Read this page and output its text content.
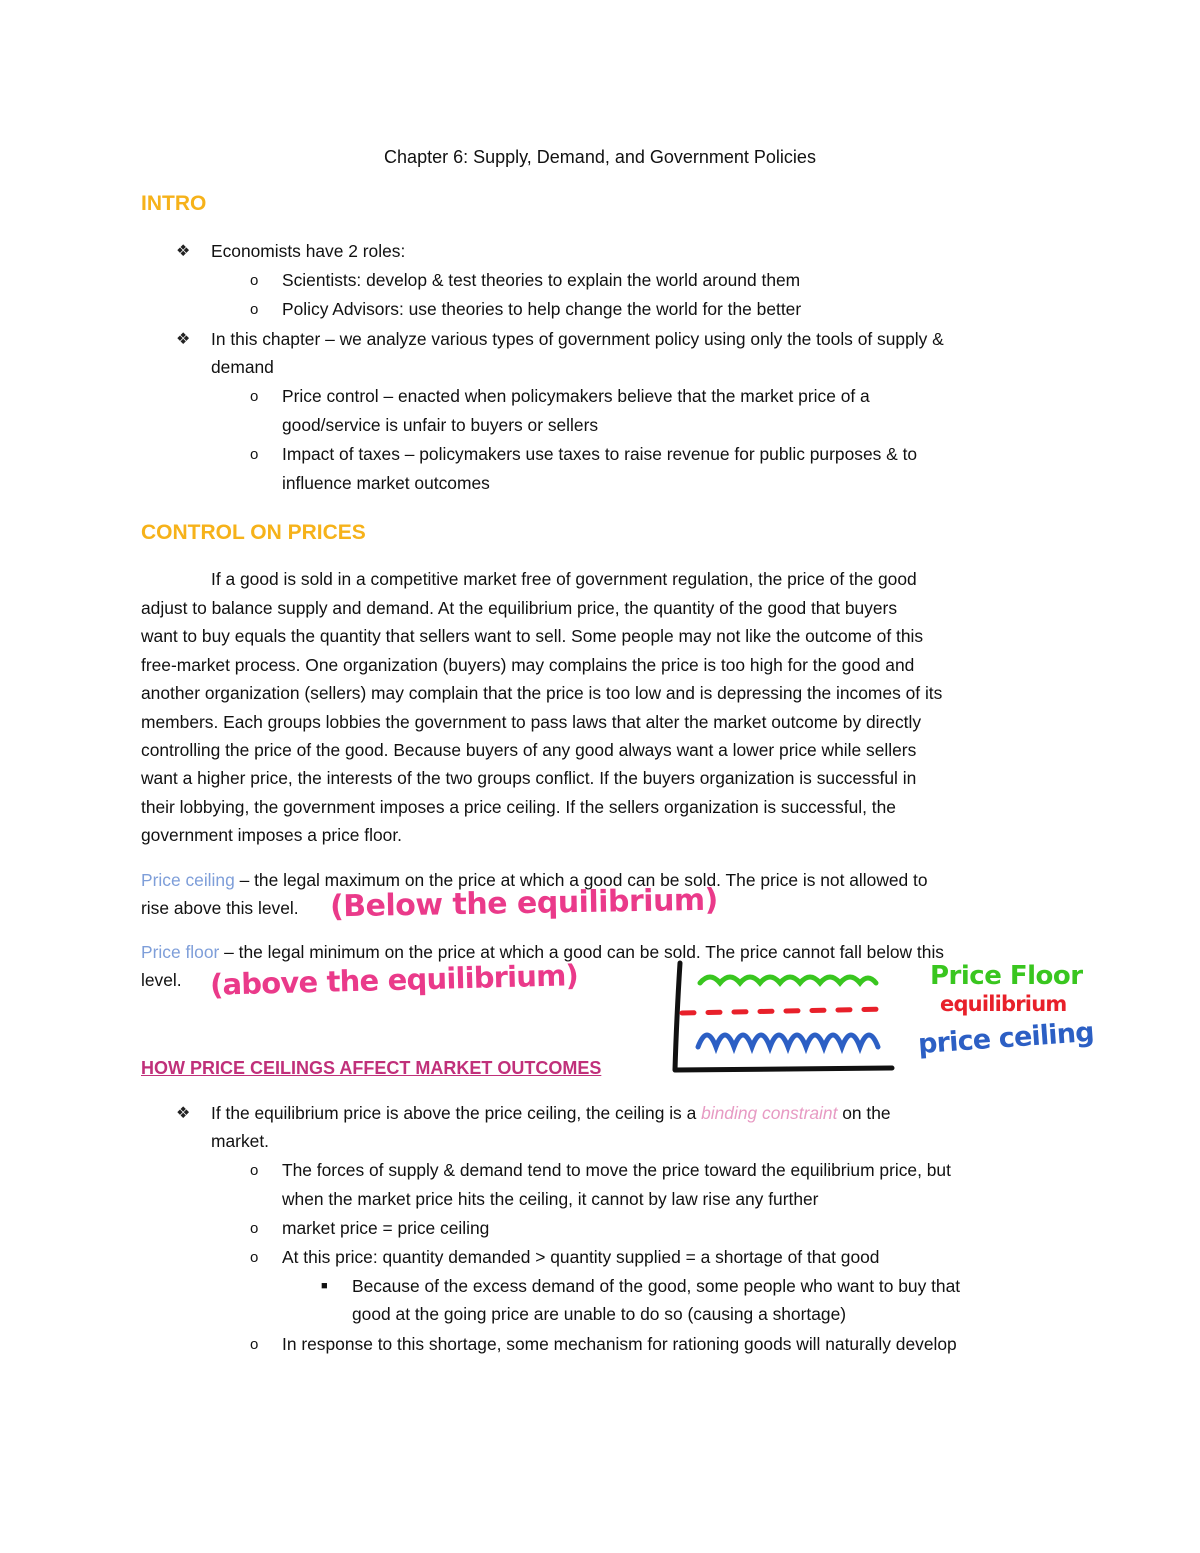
Chapter 6: Supply, Demand, and Government Policies
INTRO
❖ Economists have 2 roles:
o Scientists: develop & test theories to explain the world around them
o Policy Advisors: use theories to help change the world for the better
❖ In this chapter – we analyze various types of government policy using only the tools of supply &
demand
o Price control – enacted when policymakers believe that the market price of a
good/service is unfair to buyers or sellers
o Impact of taxes – policymakers use taxes to raise revenue for public purposes & to
influence market outcomes
CONTROL ON PRICES
If a good is sold in a competitive market free of government regulation, the price of the good
adjust to balance supply and demand. At the equilibrium price, the quantity of the good that buyers
want to buy equals the quantity that sellers want to sell. Some people may not like the outcome of this
free-market process. One organization (buyers) may complains the price is too high for the good and
another organization (sellers) may complain that the price is too low and is depressing the incomes of its
members. Each groups lobbies the government to pass laws that alter the market outcome by directly
controlling the price of the good. Because buyers of any good always want a lower price while sellers
want a higher price, the interests of the two groups conflict. If the buyers organization is successful in
their lobbying, the government imposes a price ceiling. If the sellers organization is successful, the
government imposes a price floor.
Price ceiling – the legal maximum on the price at which a good can be sold. The price is not allowed to
rise above this level.
Price floor – the legal minimum on the price at which a good can be sold. The price cannot fall below this
level.
(Below the equilibrium)
(above the equilibrium)	Price Floor
equilibrium
price ceiling
HOW PRICE CEILINGS AFFECT MARKET OUTCOMES
❖ If the equilibrium price is above the price ceiling, the ceiling is a binding constraint on the
market.
o The forces of supply & demand tend to move the price toward the equilibrium price, but
when the market price hits the ceiling, it cannot by law rise any further
o market price = price ceiling
o At this price: quantity demanded > quantity supplied = a shortage of that good
■ Because of the excess demand of the good, some people who want to buy that
good at the going price are unable to do so (causing a shortage)
o In response to this shortage, some mechanism for rationing goods will naturally develop
